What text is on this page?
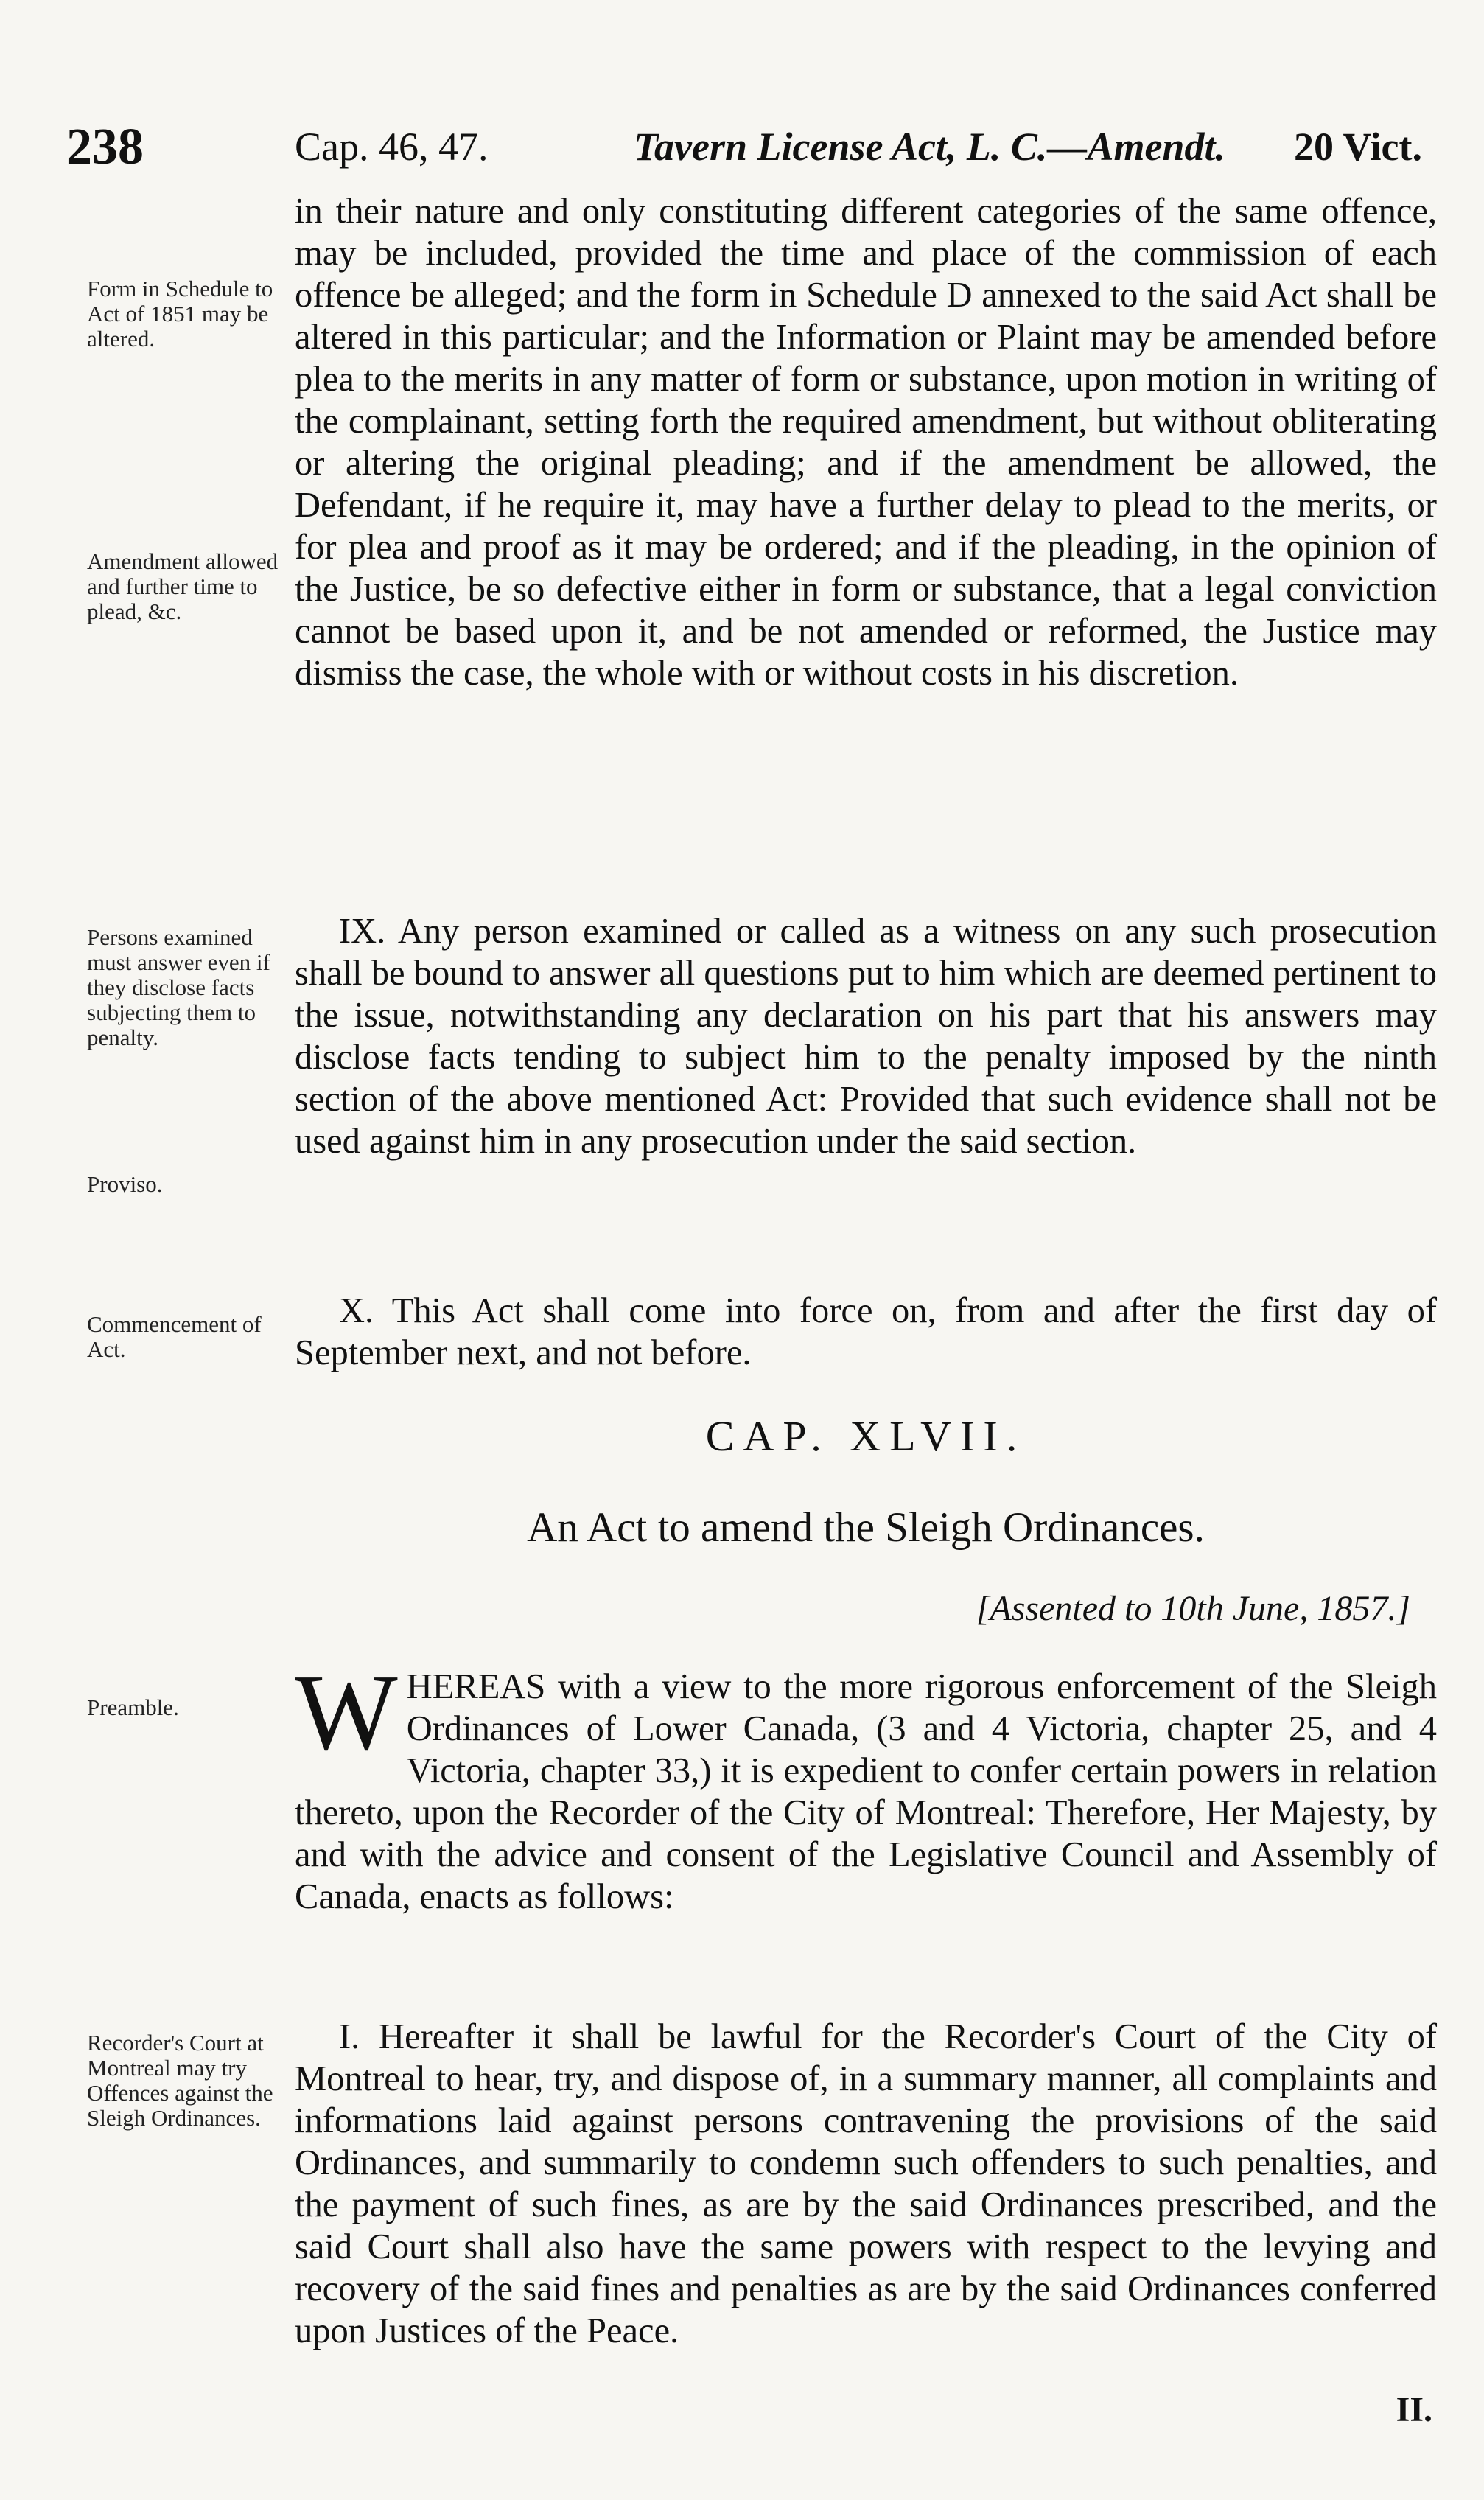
238	Cap. 46, 47.	Tavern License Act, L. C.—Amendt. 20 Vict.
Form in Schedule to Act of 1851 may be altered.
Amendment allowed and further time to plead, &c.
Persons examined must answer even if they disclose facts subjecting them to penalty.
Proviso.
Commencement of Act.
Preamble.
Recorder's Court at Montreal may try Offences against the Sleigh Ordinances.

in their nature and only constituting different categories of the same offence, may be included, provided the time and place of the commission of each offence be alleged; and the form in Schedule D annexed to the said Act shall be altered in this particular; and the Information or Plaint may be amended before plea to the merits in any matter of form or substance, upon motion in writing of the complainant, setting forth the required amendment, but without obliterating or altering the original pleading; and if the amendment be allowed, the Defendant, if he require it, may have a further delay to plead to the merits, or for plea and proof as it may be ordered; and if the pleading, in the opinion of the Justice, be so defective either in form or substance, that a legal conviction cannot be based upon it, and be not amended or reformed, the Justice may dismiss the case, the whole with or without costs in his discretion.

IX. Any person examined or called as a witness on any such prosecution shall be bound to answer all questions put to him which are deemed pertinent to the issue, notwithstanding any declaration on his part that his answers may disclose facts tending to subject him to the penalty imposed by the ninth section of the above mentioned Act: Provided that such evidence shall not be used against him in any prosecution under the said section.

X. This Act shall come into force on, from and after the first day of September next, and not before.

CAP. XLVII.
An Act to amend the Sleigh Ordinances.
[Assented to 10th June, 1857.]

WHEREAS with a view to the more rigorous enforcement of the Sleigh Ordinances of Lower Canada, (3 and 4 Victoria, chapter 25, and 4 Victoria, chapter 33,) it is expedient to confer certain powers in relation thereto, upon the Recorder of the City of Montreal: Therefore, Her Majesty, by and with the advice and consent of the Legislative Council and Assembly of Canada, enacts as follows:

I. Hereafter it shall be lawful for the Recorder's Court of the City of Montreal to hear, try, and dispose of, in a summary manner, all complaints and informations laid against persons contravening the provisions of the said Ordinances, and summarily to condemn such offenders to such penalties, and the payment of such fines, as are by the said Ordinances prescribed, and the said Court shall also have the same powers with respect to the levying and recovery of the said fines and penalties as are by the said Ordinances conferred upon Justices of the Peace.

II.
